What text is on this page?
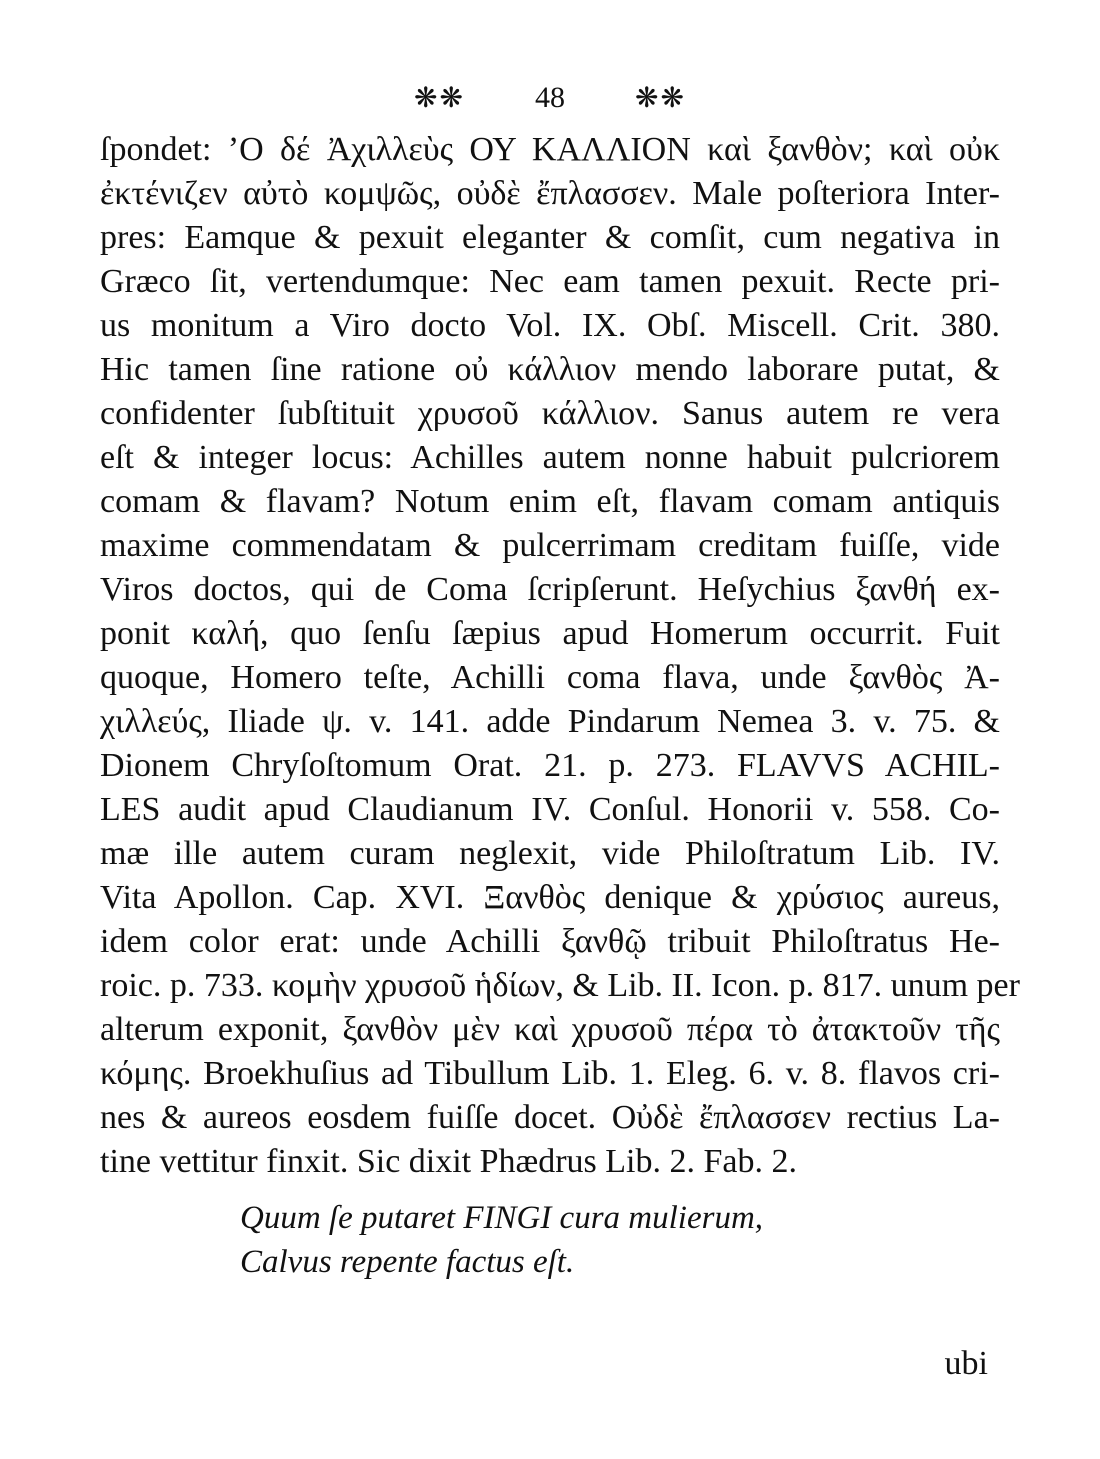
❋❋ 48	❋❋
ſpondet: ʼΟ δέ Ἀχιλλεὺς ΟΥ ΚΑΛΛΙΟΝ καὶ ξανθὸν; καὶ οὐκ
ἐκτένιζεν αὐτὸ κομψῶς, οὐδὲ ἔπλασσεν. Male poſteriora Inter-
pres: Eamque & pexuit eleganter & comſit, cum negativa in
Græco ſit, vertendumque: Nec eam tamen pexuit. Recte pri-
us monitum a Viro docto Vol. IX. Obſ. Miscell. Crit. 380.
Hic tamen ſine ratione οὐ κάλλιον mendo laborare putat, &
confidenter ſubſtituit χρυσοῦ κάλλιον. Sanus autem re vera
eſt & integer locus: Achilles autem nonne habuit pulcriorem
comam & flavam? Notum enim eſt, flavam comam antiquis
maxime commendatam & pulcerrimam creditam fuiſſe, vide
Viros doctos, qui de Coma ſcripſerunt. Heſychius ξανθή ex-
ponit καλή, quo ſenſu ſæpius apud Homerum occurrit. Fuit
quoque, Homero teſte, Achilli coma flava, unde ξανθὸς Ἀ-
χιλλεύς, Iliade ψ. v. 141. adde Pindarum Nemea 3. v. 75. &
Dionem Chryſoſtomum Orat. 21. p. 273. FLAVVS ACHIL-
LES audit apud Claudianum IV. Conſul. Honorii v. 558. Co-
mæ ille autem curam neglexit, vide Philoſtratum Lib. IV.
Vita Apollon. Cap. XVI. Ξανθὸς denique & χρύσιος aureus,
idem color erat: unde Achilli ξανθῷ tribuit Philoſtratus He-
roic. p. 733. κομὴν χρυσοῦ ἡδίων, & Lib. II. Icon. p. 817. unum per
alterum exponit, ξανθὸν μὲν καὶ χρυσοῦ πέρα τὸ ἀτακτοῦν τῆς
κόμης. Broekhuſius ad Tibullum Lib. 1. Eleg. 6. v. 8. flavos cri-
nes & aureos eosdem fuiſſe docet. Οὐδὲ ἔπλασσεν rectius La-
tine vettitur finxit. Sic dixit Phædrus Lib. 2. Fab. 2.
Quum ſe putaret FINGI cura mulierum,
Calvus repente factus eſt.
ubi
